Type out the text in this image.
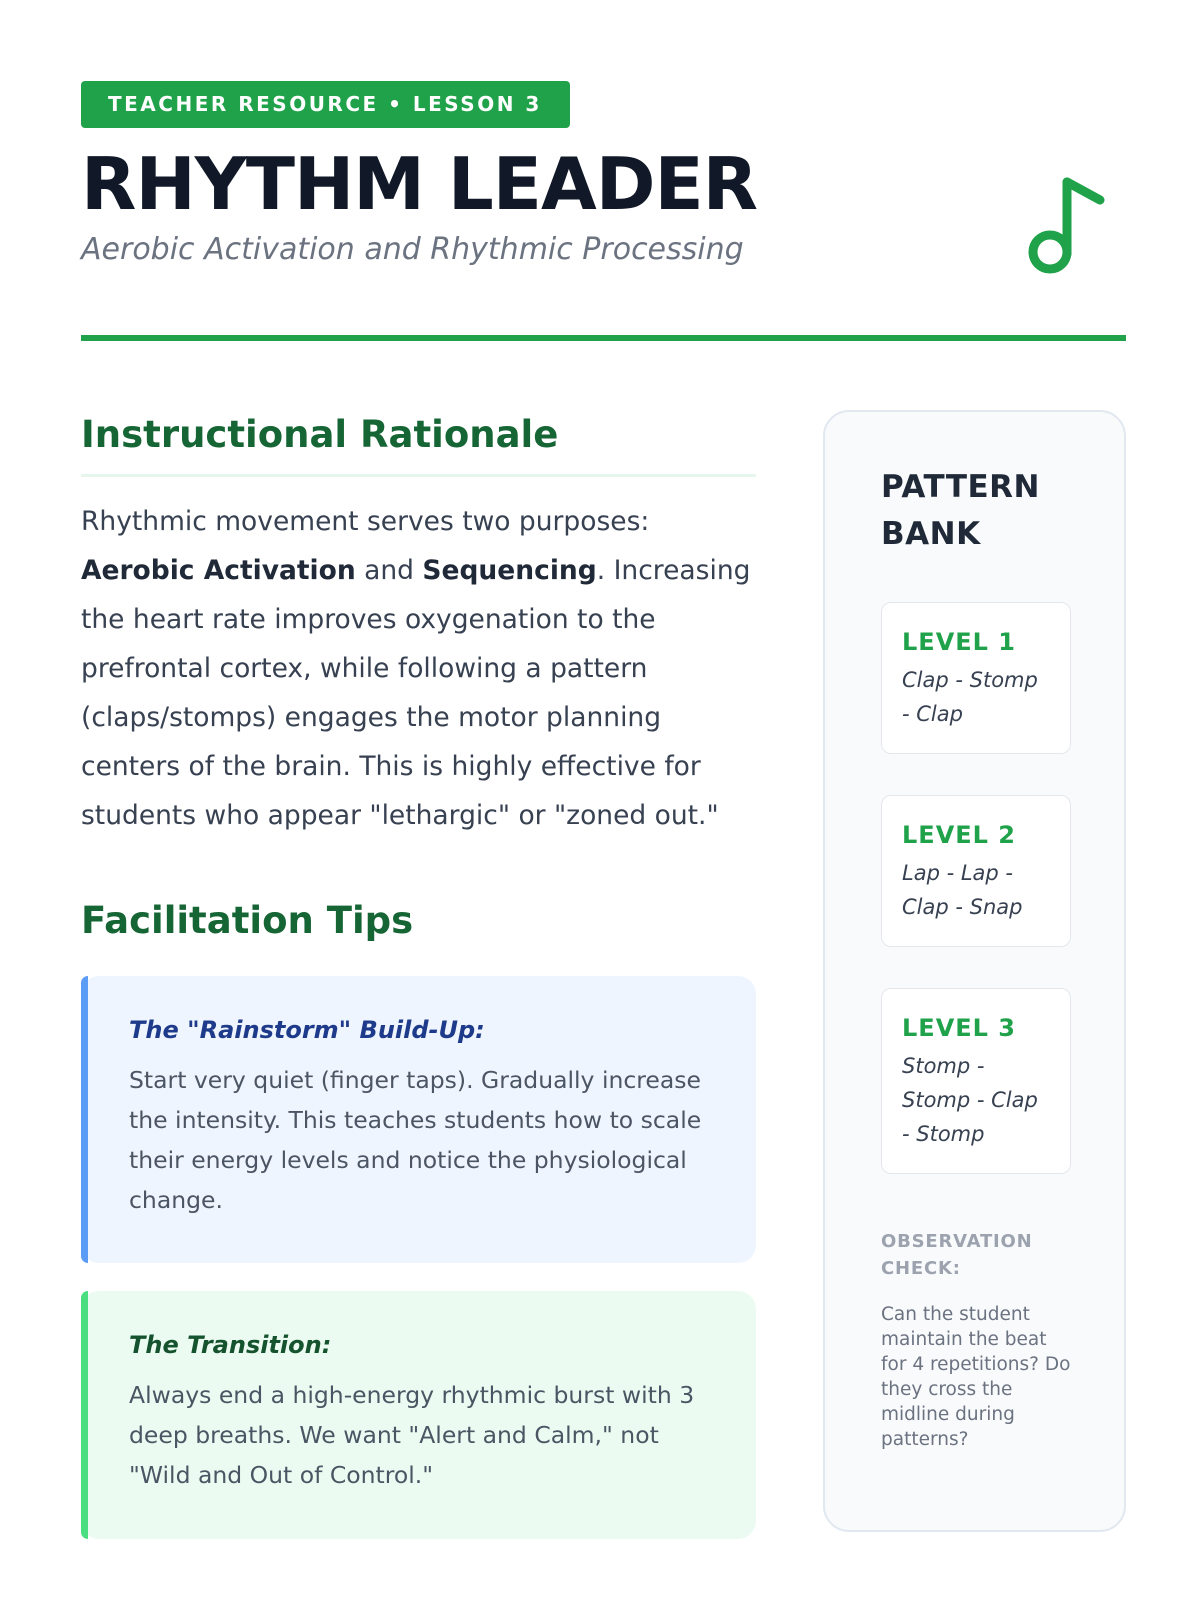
TEACHER RESOURCE • LESSON 3
RHYTHM LEADER
Aerobic Activation and Rhythmic Processing
Instructional Rationale

Rhythmic movement serves two purposes: Aerobic Activation and Sequencing. Increasing the heart rate improves oxygenation to the prefrontal cortex, while following a pattern (claps/stomps) engages the motor planning centers of the brain. This is highly effective for students who appear "lethargic" or "zoned out."

Facilitation Tips
The "Rainstorm" Build-Up:
Start very quiet (finger taps). Gradually increase the intensity. This teaches students how to scale their energy levels and notice the physiological change.
The Transition:
Always end a high-energy rhythmic burst with 3 deep breaths. We want "Alert and Calm," not "Wild and Out of Control."
PATTERN BANK
LEVEL 1
Clap - Stomp - Clap
LEVEL 2
Lap - Lap - Clap - Snap
LEVEL 3
Stomp - Stomp - Clap - Stomp
OBSERVATION CHECK:
Can the student maintain the beat for 4 repetitions? Do they cross the midline during patterns?
